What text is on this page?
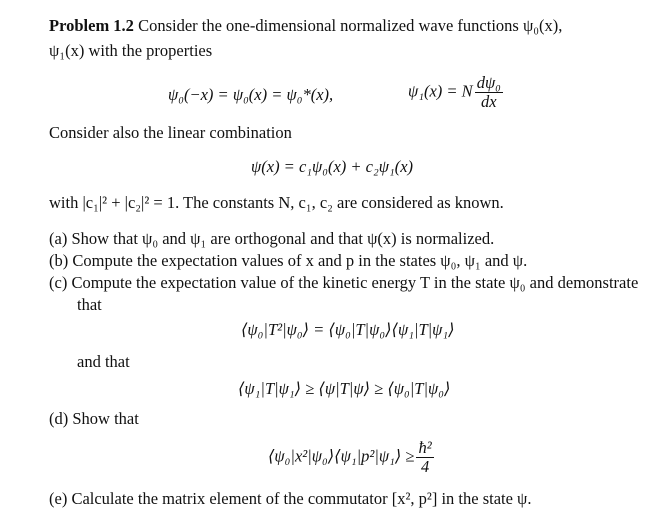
Problem 1.2 Consider the one-dimensional normalized wave functions ψ₀(x),
ψ₁(x) with the properties
ψ₀(−x) = ψ₀(x) = ψ₀*(x),	ψ₁(x) = N $\frac{\text{dψ₀}}{dx}$
Consider also the linear combination
ψ(x) = c₁ψ₀(x) + c₂ψ₁(x)
with |c₁|² + |c₂|² = 1. The constants N, c₁, c₂ are considered as known.
(a) Show that ψ₀ and ψ₁ are orthogonal and that ψ(x) is normalized.
(b) Compute the expectation values of x and p in the states ψ₀, ψ₁ and ψ.
(c) Compute the expectation value of the kinetic energy T in the state ψ₀ and demonstrate
that
⟨ψ₀|T²|ψ₀⟩ = ⟨ψ₀|T|ψ₀⟩⟨ψ₁|T|ψ₁⟩
and that
⟨ψ₁|T|ψ₁⟩ ≥ ⟨ψ|T|ψ⟩ ≥ ⟨ψ₀|T|ψ₀⟩
(d) Show that
⟨ψ₀|x²|ψ₀⟩⟨ψ₁|p²|ψ₁⟩ ≥ $\frac{\text{ħ²}}{4}$
(e) Calculate the matrix element of the commutator [x², p²] in the state ψ.
